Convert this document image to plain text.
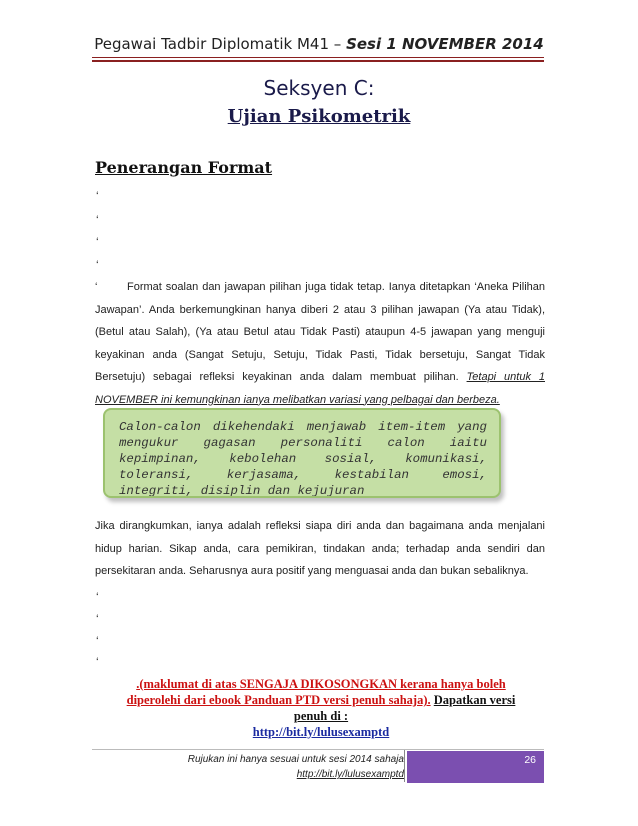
Pegawai Tadbir Diplomatik M41 – Sesi 1 NOVEMBER 2014
Seksyen C:
Ujian Psikometrik
Penerangan Format
‘
‘
‘
‘
‘	Format soalan dan jawapan pilihan juga tidak tetap. Ianya ditetapkan ‘Aneka Pilihan Jawapan’. Anda berkemungkinan hanya diberi 2 atau 3 pilihan jawapan (Ya atau Tidak), (Betul atau Salah), (Ya atau Betul atau Tidak Pasti) ataupun 4-5 jawapan yang menguji keyakinan anda (Sangat Setuju, Setuju, Tidak Pasti, Tidak bersetuju, Sangat Tidak Bersetuju) sebagai refleksi keyakinan anda dalam membuat pilihan. Tetapi untuk 1 NOVEMBER ini kemungkinan ianya melibatkan variasi yang pelbagai dan berbeza.
Calon-calon dikehendaki menjawab item-item yang mengukur gagasan personaliti calon iaitu kepimpinan, kebolehan sosial, komunikasi, toleransi, kerjasama, kestabilan emosi, integriti, disiplin dan kejujuran
Jika dirangkumkan, ianya adalah refleksi siapa diri anda dan bagaimana anda menjalani hidup harian. Sikap anda, cara pemikiran, tindakan anda; terhadap anda sendiri dan persekitaran anda. Seharusnya aura positif yang menguasai anda dan bukan sebaliknya.
‘
‘
‘
‘
.(maklumat di atas SENGAJA DIKOSONGKAN kerana hanya boleh diperolehi dari ebook Panduan PTD versi penuh sahaja). Dapatkan versi penuh di :
http://bit.ly/lulusexamptd
Rujukan ini hanya sesuai untuk sesi 2014 sahaja
http://bit.ly/lulusexamptd
26
